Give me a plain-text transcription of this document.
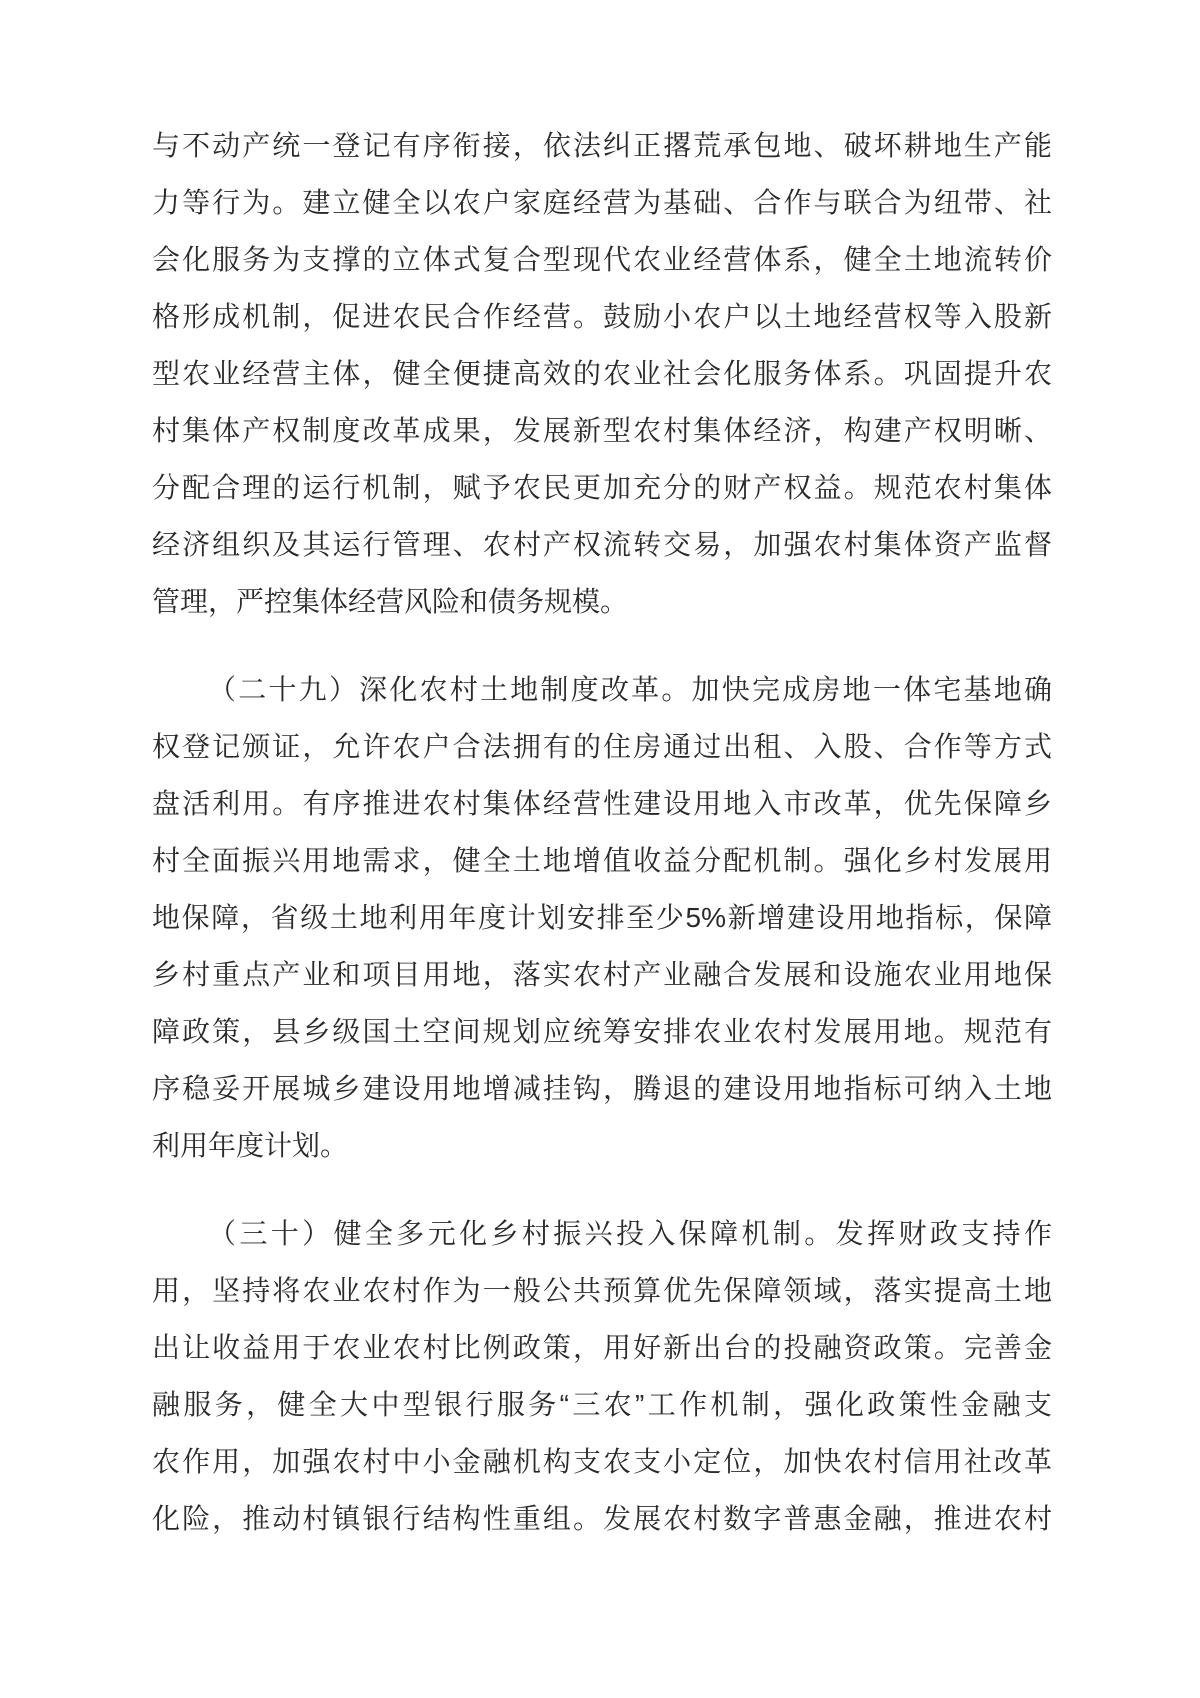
与不动产统一登记有序衔接，依法纠正撂荒承包地、破坏耕地生产能
力等行为。建立健全以农户家庭经营为基础、合作与联合为纽带、社
会化服务为支撑的立体式复合型现代农业经营体系，健全土地流转价
格形成机制，促进农民合作经营。鼓励小农户以土地经营权等入股新
型农业经营主体，健全便捷高效的农业社会化服务体系。巩固提升农
村集体产权制度改革成果，发展新型农村集体经济，构建产权明晰、
分配合理的运行机制，赋予农民更加充分的财产权益。规范农村集体
经济组织及其运行管理、农村产权流转交易，加强农村集体资产监督
管理，严控集体经营风险和债务规模。
（二十九）深化农村土地制度改革。加快完成房地一体宅基地确
权登记颁证，允许农户合法拥有的住房通过出租、入股、合作等方式
盘活利用。有序推进农村集体经营性建设用地入市改革，优先保障乡
村全面振兴用地需求，健全土地增值收益分配机制。强化乡村发展用
地保障，省级土地利用年度计划安排至少5%新增建设用地指标，保障
乡村重点产业和项目用地，落实农村产业融合发展和设施农业用地保
障政策，县乡级国土空间规划应统筹安排农业农村发展用地。规范有
序稳妥开展城乡建设用地增减挂钩，腾退的建设用地指标可纳入土地
利用年度计划。
（三十）健全多元化乡村振兴投入保障机制。发挥财政支持作
用，坚持将农业农村作为一般公共预算优先保障领域，落实提高土地
出让收益用于农业农村比例政策，用好新出台的投融资政策。完善金
融服务，健全大中型银行服务“三农”工作机制，强化政策性金融支
农作用，加强农村中小金融机构支农支小定位，加快农村信用社改革
化险，推动村镇银行结构性重组。发展农村数字普惠金融，推进农村
